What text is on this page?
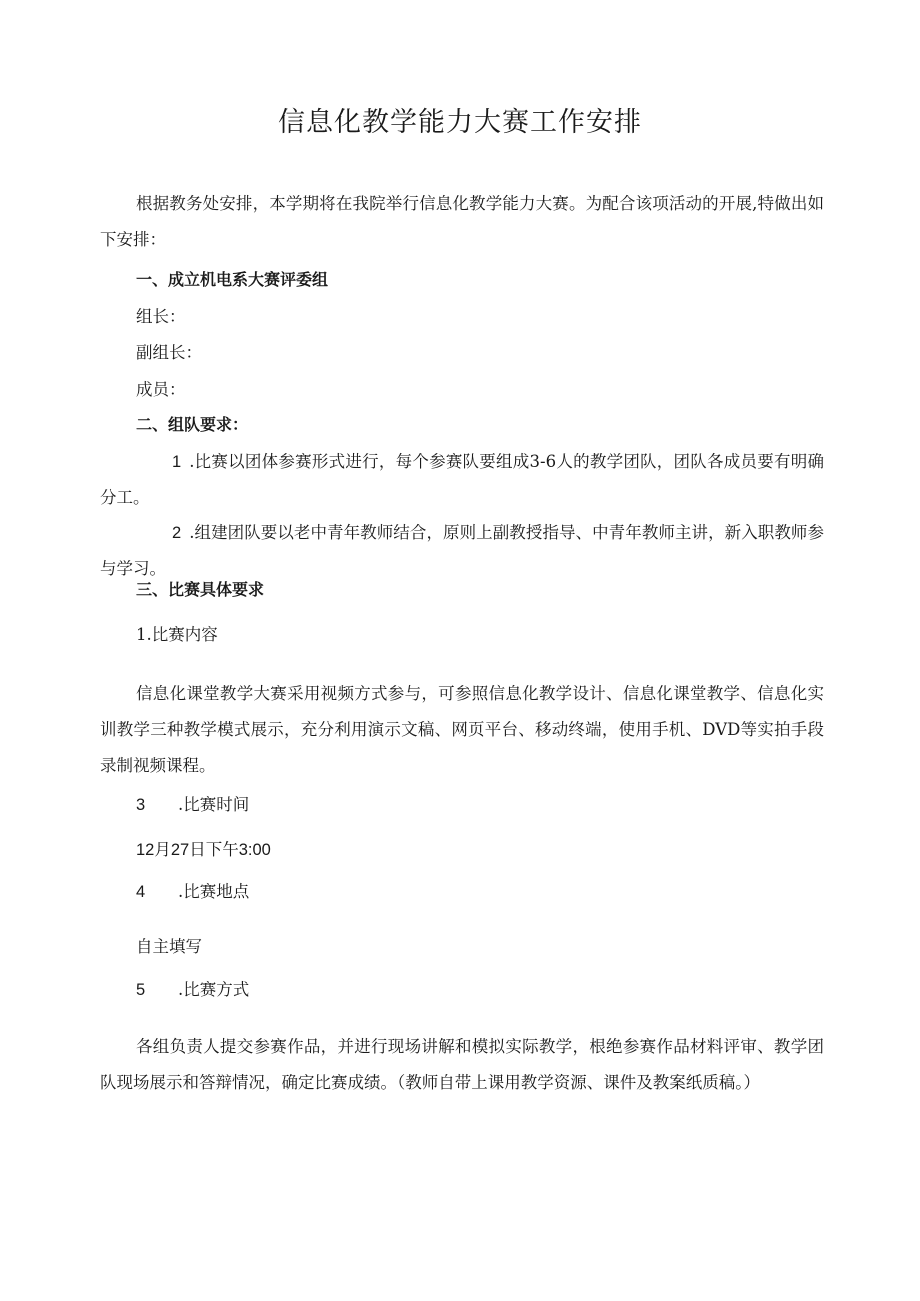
信息化教学能力大赛工作安排

根据教务处安排，本学期将在我院举行信息化教学能力大赛。为配合该项活动的开展,特做出如下安排：

一、成立机电系大赛评委组

组长：

副组长：

成员：

二、组队要求：

1 .比赛以团体参赛形式进行，每个参赛队要组成3-6人的教学团队，团队各成员要有明确分工。
2 .组建团队要以老中青年教师结合，原则上副教授指导、中青年教师主讲，新入职教师参与学习。

三、比赛具体要求

1.比赛内容

信息化课堂教学大赛采用视频方式参与，可参照信息化教学设计、信息化课堂教学、信息化实训教学三种教学模式展示，充分利用演示文稿、网页平台、移动终端，使用手机、DVD等实拍手段录制视频课程。

3 .比赛时间

12月27日下午3:00

4 .比赛地点

自主填写

5 .比赛方式

各组负责人提交参赛作品，并进行现场讲解和模拟实际教学，根绝参赛作品材料评审、教学团队现场展示和答辩情况，确定比赛成绩。（教师自带上课用教学资源、课件及教案纸质稿。）
